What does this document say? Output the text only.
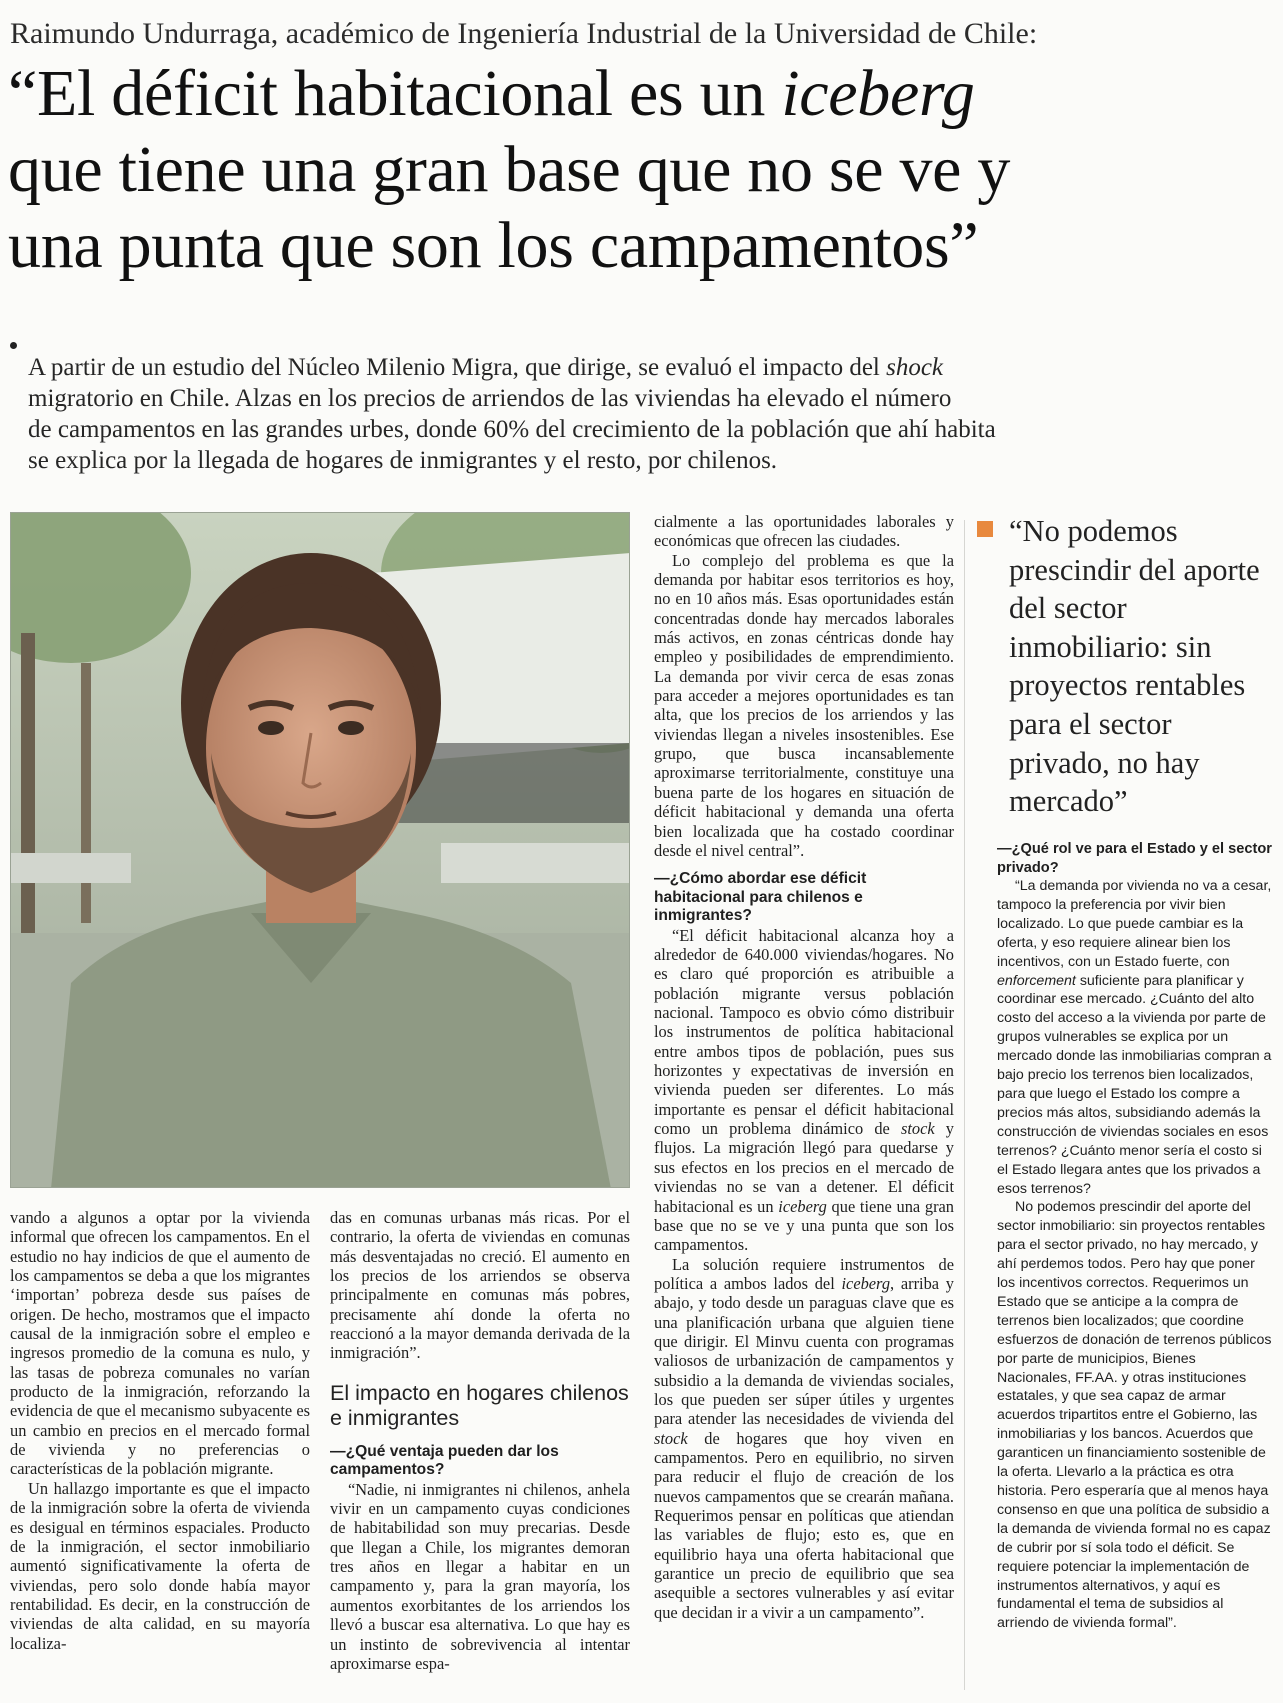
Raimundo Undurraga, académico de Ingeniería Industrial de la Universidad de Chile:
“El déficit habitacional es un iceberg
que tiene una gran base que no se ve y
una punta que son los campamentos”
A partir de un estudio del Núcleo Milenio Migra, que dirige, se evaluó el impacto del shock
migratorio en Chile. Alzas en los precios de arriendos de las viviendas ha elevado el número
de campamentos en las grandes urbes, donde 60% del crecimiento de la población que ahí habita
se explica por la llegada de hogares de inmigrantes y el resto, por chilenos.

cialmente a las oportunidades laborales y económicas que ofrecen las ciudades.

Lo complejo del problema es que la demanda por habitar esos territorios es hoy, no en 10 años más. Esas oportunidades están concentradas donde hay mercados laborales más activos, en zonas céntricas donde hay empleo y posibilidades de emprendimiento. La demanda por vivir cerca de esas zonas para acceder a mejores oportunidades es tan alta, que los precios de los arriendos y las viviendas llegan a niveles insostenibles. Ese grupo, que busca incansablemente aproximarse territorialmente, constituye una buena parte de los hogares en situación de déficit habitacional y demanda una oferta bien localizada que ha costado coordinar desde el nivel central”.

—¿Cómo abordar ese déficit habitacional para chilenos e inmigrantes?

“El déficit habitacional alcanza hoy a alrededor de 640.000 viviendas/hogares. No es claro qué proporción es atribuible a población migrante versus población nacional. Tampoco es obvio cómo distribuir los instrumentos de política habitacional entre ambos tipos de población, pues sus horizontes y expectativas de inversión en vivienda pueden ser diferentes. Lo más importante es pensar el déficit habitacional como un problema dinámico de stock y flujos. La migración llegó para quedarse y sus efectos en los precios en el mercado de viviendas no se van a detener. El déficit habitacional es un iceberg que tiene una gran base que no se ve y una punta que son los campamentos.

La solución requiere instrumentos de política a ambos lados del iceberg, arriba y abajo, y todo desde un paraguas clave que es una planificación urbana que alguien tiene que dirigir. El Minvu cuenta con programas valiosos de urbanización de campamentos y subsidio a la demanda de viviendas sociales, los que pueden ser súper útiles y urgentes para atender las necesidades de vivienda del stock de hogares que hoy viven en campamentos. Pero en equilibrio, no sirven para reducir el flujo de creación de los nuevos campamentos que se crearán mañana. Requerimos pensar en políticas que atiendan las variables de flujo; esto es, que en equilibrio haya una oferta habitacional que garantice un precio de equilibrio que sea asequible a sectores vulnerables y así evitar que decidan ir a vivir a un campamento”.

vando a algunos a optar por la vivienda informal que ofrecen los campamentos. En el estudio no hay indicios de que el aumento de los campamentos se deba a que los migrantes ‘importan’ pobreza desde sus países de origen. De hecho, mostramos que el impacto causal de la inmigración sobre el empleo e ingresos promedio de la comuna es nulo, y las tasas de pobreza comunales no varían producto de la inmigración, reforzando la evidencia de que el mecanismo subyacente es un cambio en precios en el mercado formal de vivienda y no preferencias o características de la población migrante.

Un hallazgo importante es que el impacto de la inmigración sobre la oferta de vivienda es desigual en términos espaciales. Producto de la inmigración, el sector inmobiliario aumentó significativamente la oferta de viviendas, pero solo donde había mayor rentabilidad. Es decir, en la construcción de viviendas de alta calidad, en su mayoría localiza-

das en comunas urbanas más ricas. Por el contrario, la oferta de viviendas en comunas más desventajadas no creció. El aumento en los precios de los arriendos se observa principalmente en comunas más pobres, precisamente ahí donde la oferta no reaccionó a la mayor demanda derivada de la inmigración”.

El impacto en hogares chilenos e inmigrantes

—¿Qué ventaja pueden dar los campamentos?

“Nadie, ni inmigrantes ni chilenos, anhela vivir en un campamento cuyas condiciones de habitabilidad son muy precarias. Desde que llegan a Chile, los migrantes demoran tres años en llegar a habitar en un campamento y, para la gran mayoría, los aumentos exorbitantes de los arriendos los llevó a buscar esa alternativa. Lo que hay es un instinto de sobrevivencia al intentar aproximarse espa-

“No podemos prescindir del aporte del sector inmobiliario: sin proyectos rentables para el sector privado, no hay mercado”

—¿Qué rol ve para el Estado y el sector privado?

“La demanda por vivienda no va a cesar, tampoco la preferencia por vivir bien localizado. Lo que puede cambiar es la oferta, y eso requiere alinear bien los incentivos, con un Estado fuerte, con enforcement suficiente para planificar y coordinar ese mercado. ¿Cuánto del alto costo del acceso a la vivienda por parte de grupos vulnerables se explica por un mercado donde las inmobiliarias compran a bajo precio los terrenos bien localizados, para que luego el Estado los compre a precios más altos, subsidiando además la construcción de viviendas sociales en esos terrenos? ¿Cuánto menor sería el costo si el Estado llegara antes que los privados a esos terrenos?

No podemos prescindir del aporte del sector inmobiliario: sin proyectos rentables para el sector privado, no hay mercado, y ahí perdemos todos. Pero hay que poner los incentivos correctos. Requerimos un Estado que se anticipe a la compra de terrenos bien localizados; que coordine esfuerzos de donación de terrenos públicos por parte de municipios, Bienes Nacionales, FF.AA. y otras instituciones estatales, y que sea capaz de armar acuerdos tripartitos entre el Gobierno, las inmobiliarias y los bancos. Acuerdos que garanticen un financiamiento sostenible de la oferta. Llevarlo a la práctica es otra historia. Pero esperaría que al menos haya consenso en que una política de subsidio a la demanda de vivienda formal no es capaz de cubrir por sí sola todo el déficit. Se requiere potenciar la implementación de instrumentos alternativos, y aquí es fundamental el tema de subsidios al arriendo de vivienda formal”.
